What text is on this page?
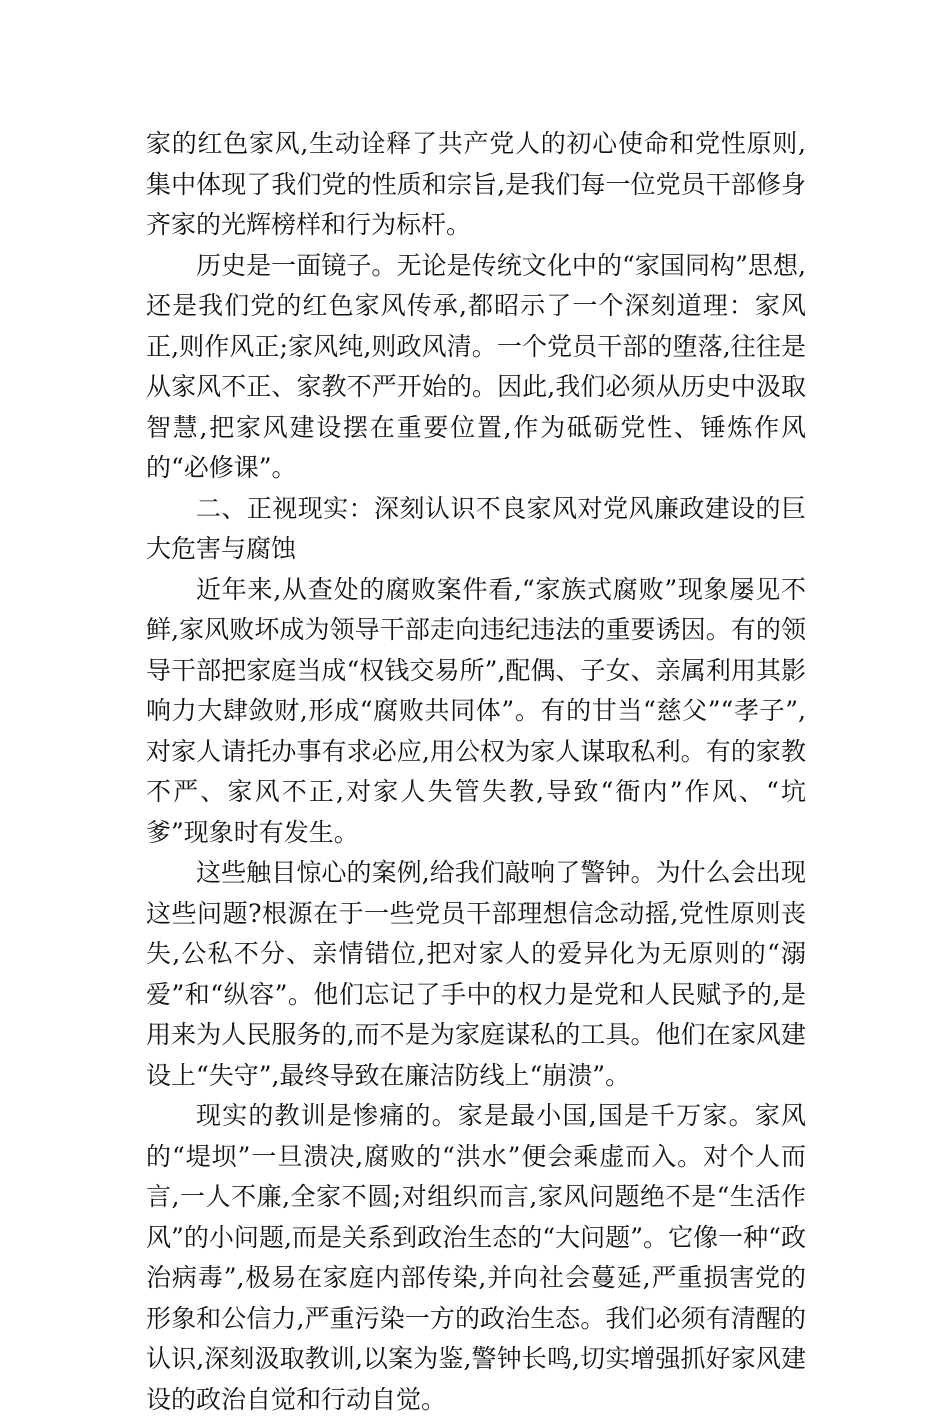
家的红色家风,生动诠释了共产党人的初心使命和党性原则,集中体现了我们党的性质和宗旨,是我们每一位党员干部修身齐家的光辉榜样和行为标杆。

历史是一面镜子。无论是传统文化中的“家国同构”思想,还是我们党的红色家风传承,都昭示了一个深刻道理：家风正,则作风正;家风纯,则政风清。一个党员干部的堕落,往往是从家风不正、家教不严开始的。因此,我们必须从历史中汲取智慧,把家风建设摆在重要位置,作为砥砺党性、锤炼作风的“必修课”。

二、正视现实：深刻认识不良家风对党风廉政建设的巨大危害与腐蚀

近年来,从查处的腐败案件看,“家族式腐败”现象屡见不鲜,家风败坏成为领导干部走向违纪违法的重要诱因。有的领导干部把家庭当成“权钱交易所”,配偶、子女、亲属利用其影响力大肆敛财,形成“腐败共同体”。有的甘当“慈父”“孝子”,对家人请托办事有求必应,用公权为家人谋取私利。有的家教不严、家风不正,对家人失管失教,导致“衙内”作风、“坑爹”现象时有发生。

这些触目惊心的案例,给我们敲响了警钟。为什么会出现这些问题?根源在于一些党员干部理想信念动摇,党性原则丧失,公私不分、亲情错位,把对家人的爱异化为无原则的“溺爱”和“纵容”。他们忘记了手中的权力是党和人民赋予的,是用来为人民服务的,而不是为家庭谋私的工具。他们在家风建设上“失守”,最终导致在廉洁防线上“崩溃”。

现实的教训是惨痛的。家是最小国,国是千万家。家风的“堤坝”一旦溃决,腐败的“洪水”便会乘虚而入。对个人而言,一人不廉,全家不圆;对组织而言,家风问题绝不是“生活作风”的小问题,而是关系到政治生态的“大问题”。它像一种“政治病毒”,极易在家庭内部传染,并向社会蔓延,严重损害党的形象和公信力,严重污染一方的政治生态。我们必须有清醒的认识,深刻汲取教训,以案为鉴,警钟长鸣,切实增强抓好家风建设的政治自觉和行动自觉。
